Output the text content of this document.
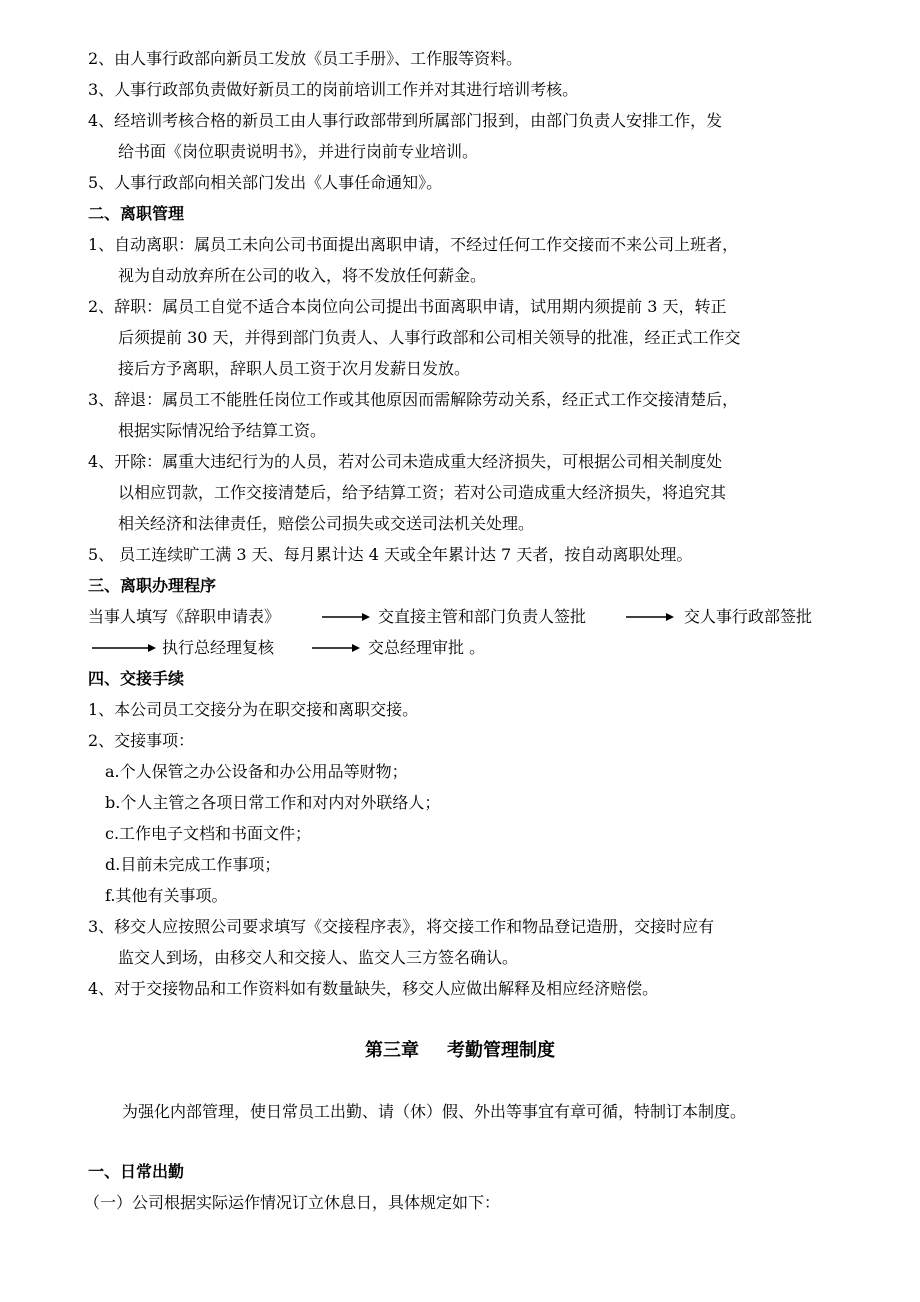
2、由人事行政部向新员工发放《员工手册》、工作服等资料。
3、人事行政部负责做好新员工的岗前培训工作并对其进行培训考核。
4、经培训考核合格的新员工由人事行政部带到所属部门报到，由部门负责人安排工作，发
给书面《岗位职责说明书》，并进行岗前专业培训。
5、人事行政部向相关部门发出《人事任命通知》。
二、离职管理
1、自动离职：属员工未向公司书面提出离职申请，不经过任何工作交接而不来公司上班者，
视为自动放弃所在公司的收入，将不发放任何薪金。
2、辞职：属员工自觉不适合本岗位向公司提出书面离职申请，试用期内须提前 3 天，转正
后须提前 30 天，并得到部门负责人、人事行政部和公司相关领导的批准，经正式工作交
接后方予离职，辞职人员工资于次月发薪日发放。
3、辞退：属员工不能胜任岗位工作或其他原因而需解除劳动关系，经正式工作交接清楚后，
根据实际情况给予结算工资。
4、开除：属重大违纪行为的人员，若对公司未造成重大经济损失，可根据公司相关制度处
以相应罚款，工作交接清楚后，给予结算工资；若对公司造成重大经济损失，将追究其
相关经济和法律责任，赔偿公司损失或交送司法机关处理。
5、 员工连续旷工满 3 天、每月累计达 4 天或全年累计达 7 天者，按自动离职处理。
三、离职办理程序
当事人填写《辞职申请表》	交直接主管和部门负责人签批	交人事行政部签批
执行总经理复核	交总经理审批 。
四、交接手续
1、本公司员工交接分为在职交接和离职交接。
2、交接事项：
a.个人保管之办公设备和办公用品等财物；
b.个人主管之各项日常工作和对内对外联络人；
c.工作电子文档和书面文件；
d.目前未完成工作事项；
f.其他有关事项。
3、移交人应按照公司要求填写《交接程序表》，将交接工作和物品登记造册，交接时应有
监交人到场，由移交人和交接人、监交人三方签名确认。
4、对于交接物品和工作资料如有数量缺失，移交人应做出解释及相应经济赔偿。
第三章 考勤管理制度
为强化内部管理，使日常员工出勤、请（休）假、外出等事宜有章可循，特制订本制度。
一、日常出勤
（一）公司根据实际运作情况订立休息日，具体规定如下：
